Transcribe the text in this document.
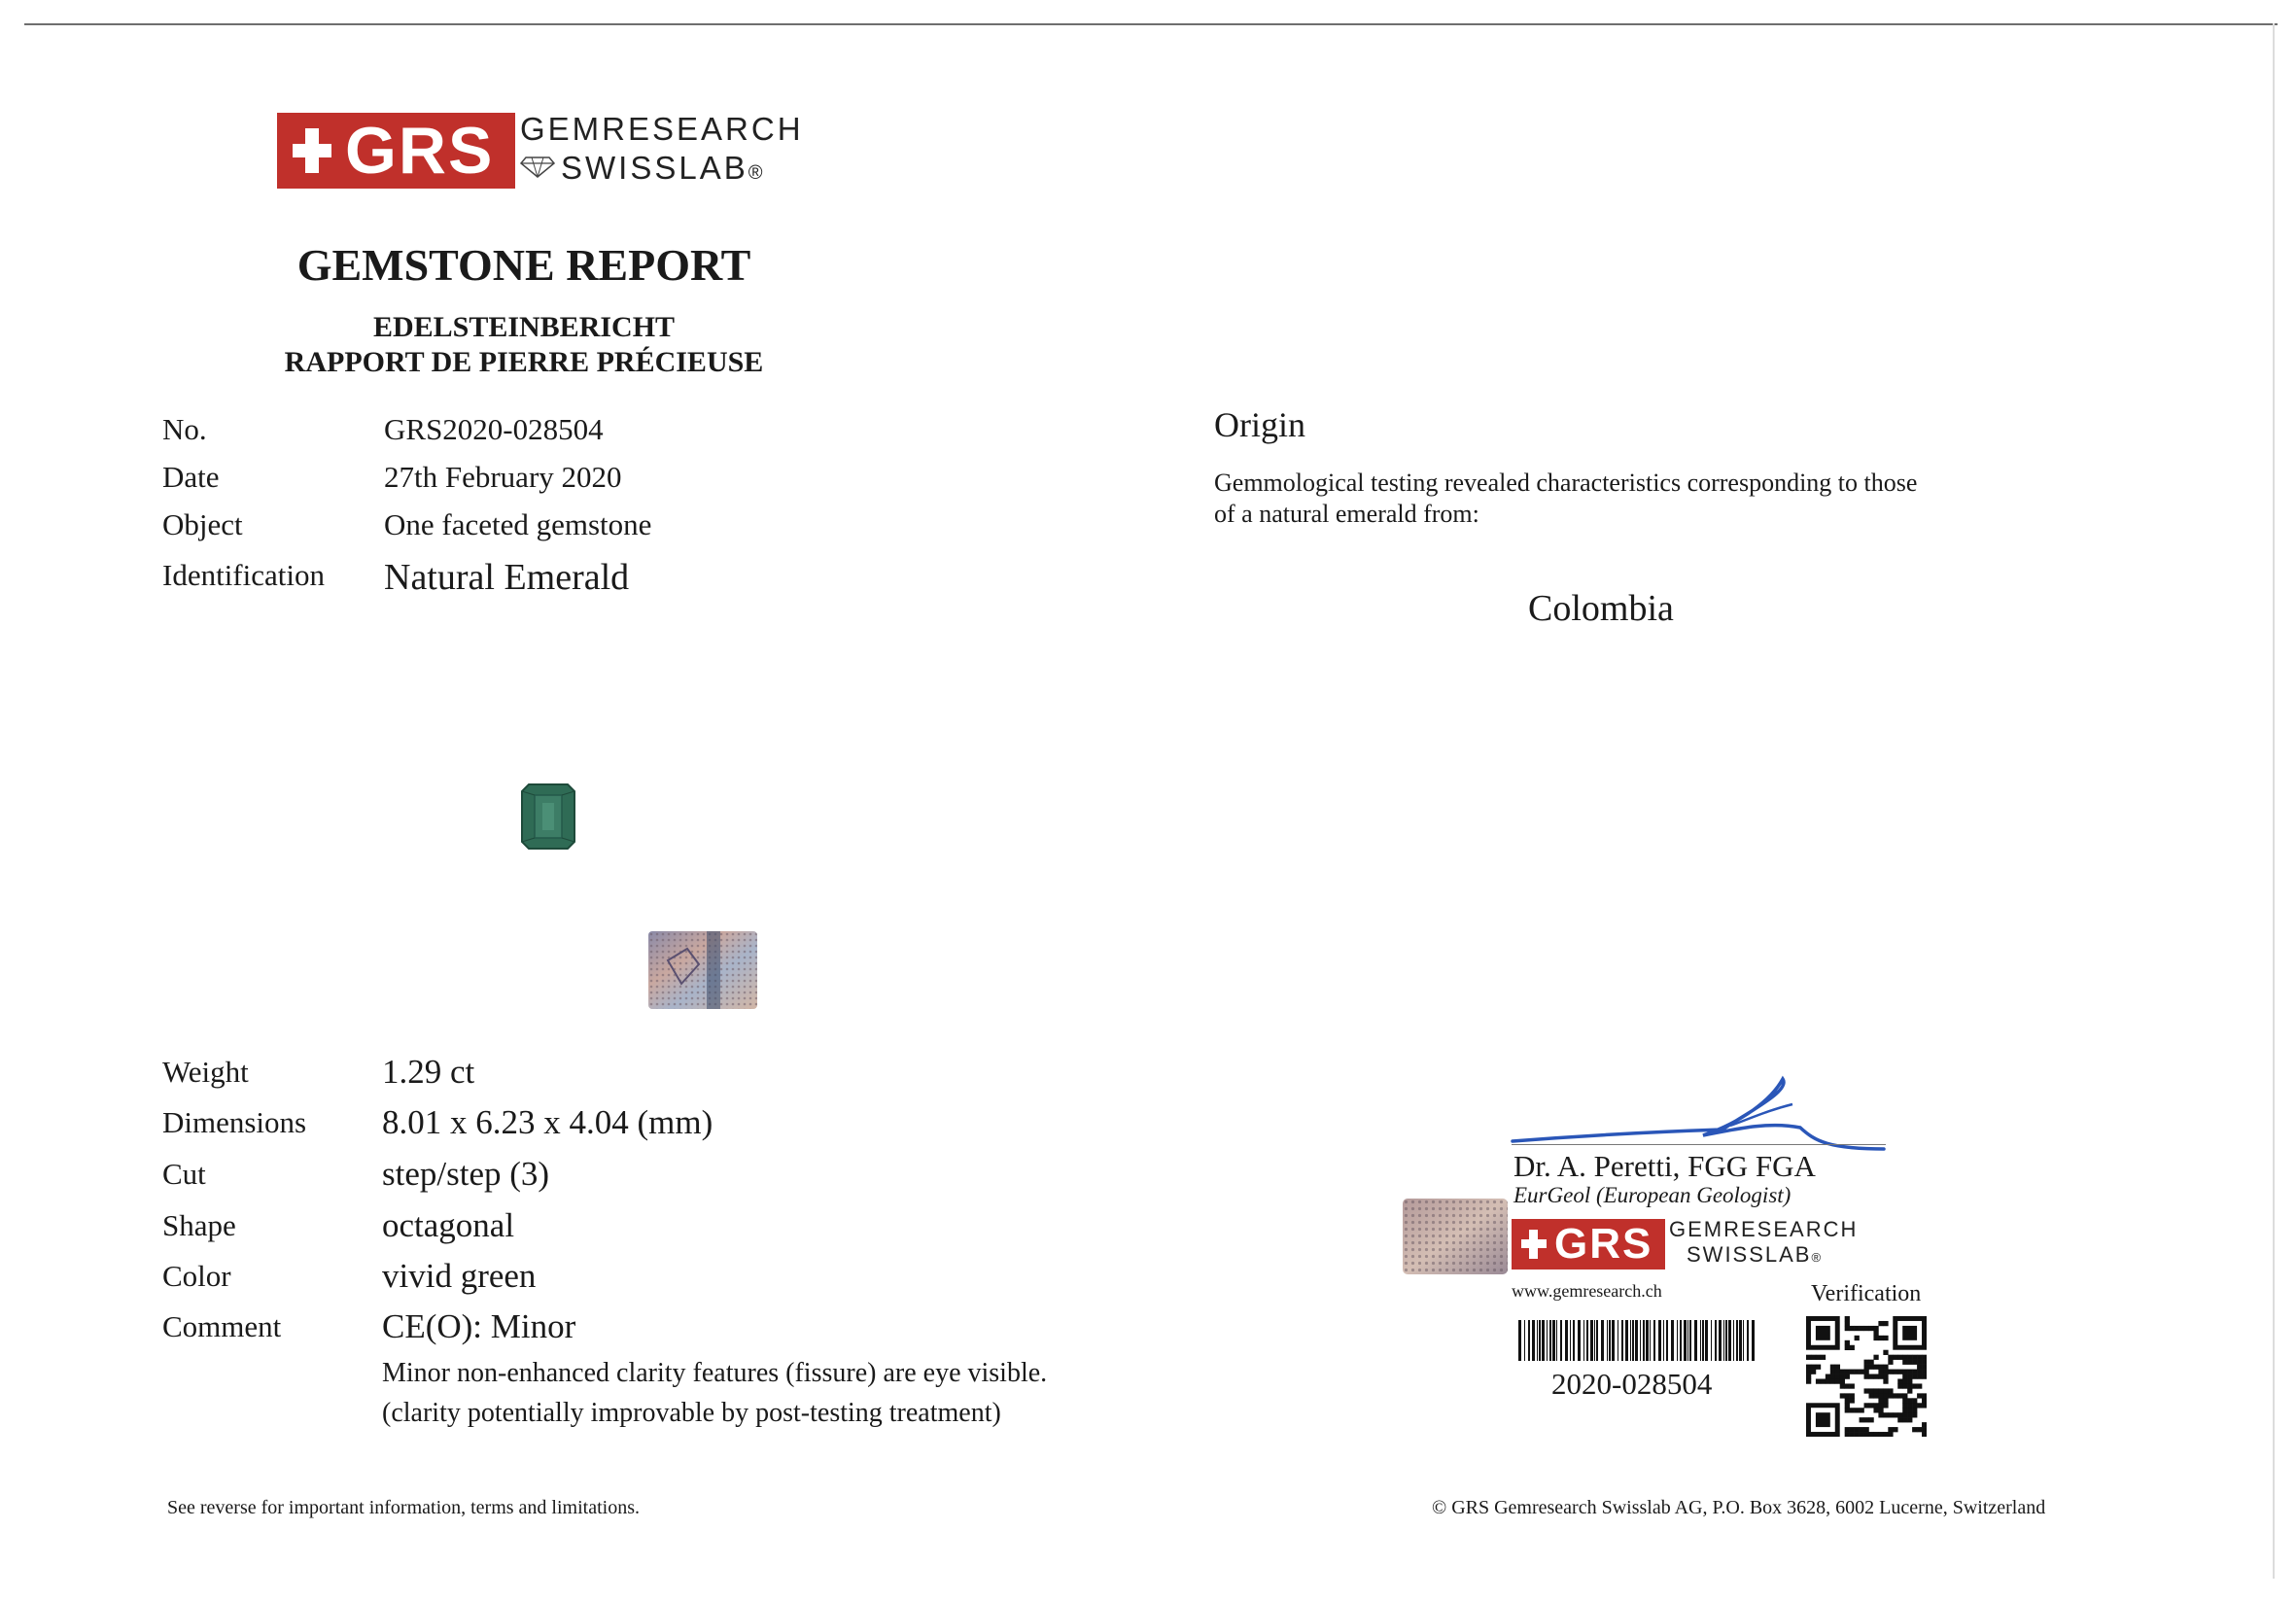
GRS GEMRESEARCH
SWISSLAB®
GEMSTONE REPORT
EDELSTEINBERICHT
RAPPORT DE PIERRE PRÉCIEUSE
No.	GRS2020-028504
Date	27th February 2020
Object	One faceted gemstone
Identification Natural Emerald
Weight	1.29 ct
Dimensions 8.01 x 6.23 x 4.04 (mm)
Cut	step/step (3)
Shape	octagonal
Color	vivid green
Comment	CE(O): Minor
Minor non-enhanced clarity features (fissure) are eye visible.
(clarity potentially improvable by post-testing treatment)
Origin
Gemmological testing revealed characteristics corresponding to those
of a natural emerald from:
Colombia
Dr. A. Peretti, FGG FGA
EurGeol (European Geologist)
GRS GEMRESEARCH
SWISSLAB®
www.gemresearch.ch	Verification
2020-028504
See reverse for important information, terms and limitations.	© GRS Gemresearch Swisslab AG, P.O. Box 3628, 6002 Lucerne, Switzerland
